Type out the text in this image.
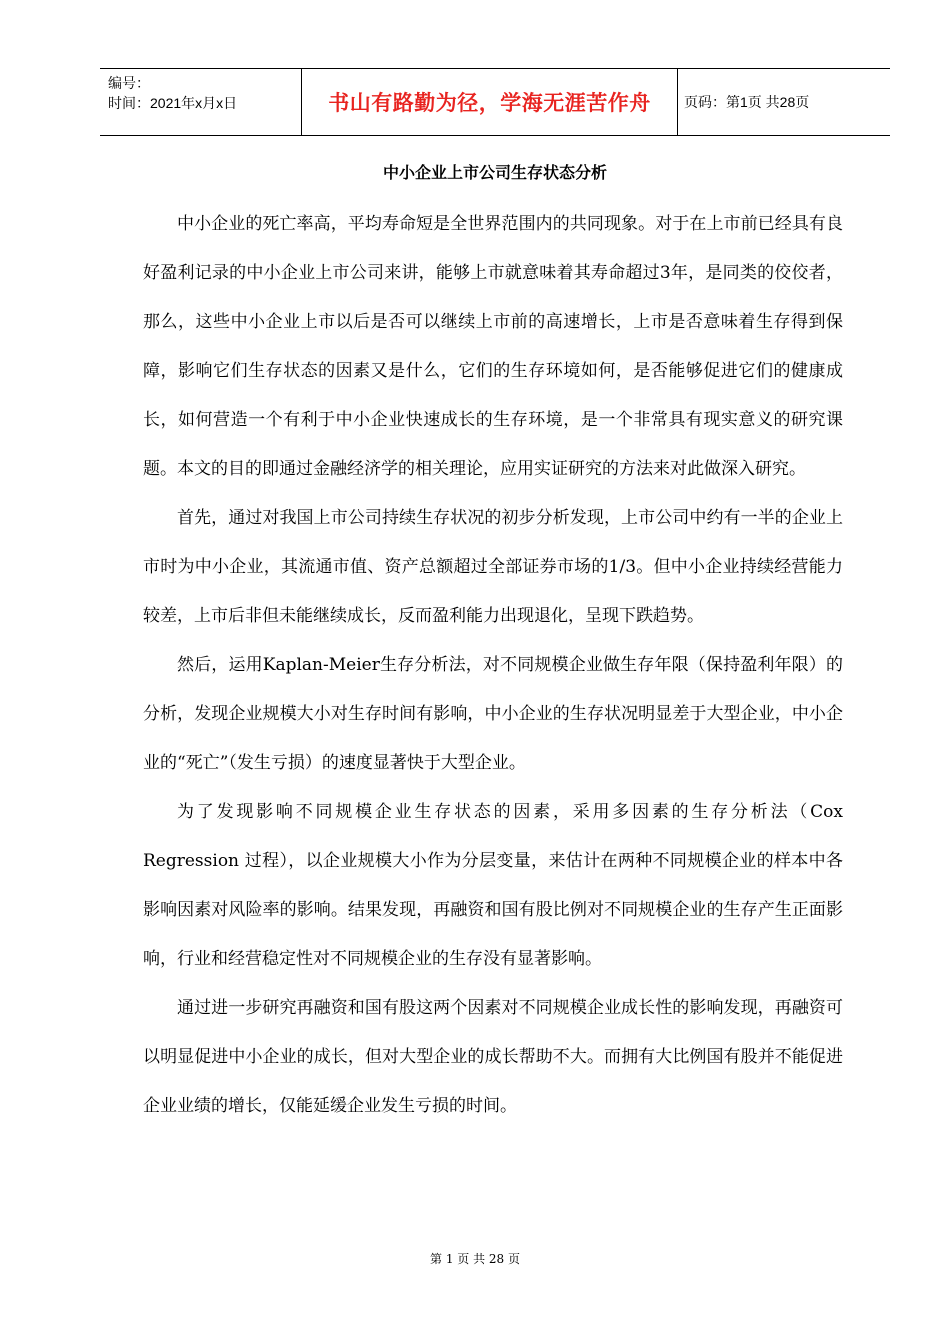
编号：
时间：2021年x月x日	书山有路勤为径，学海无涯苦作舟	页码：第1页 共28页
中小企业上市公司生存状态分析

中小企业的死亡率高，平均寿命短是全世界范围内的共同现象。对于在上市前已经具有良好盈利记录的中小企业上市公司来讲，能够上市就意味着其寿命超过3年，是同类的佼佼者，那么，这些中小企业上市以后是否可以继续上市前的高速增长，上市是否意味着生存得到保障，影响它们生存状态的因素又是什么，它们的生存环境如何，是否能够促进它们的健康成长，如何营造一个有利于中小企业快速成长的生存环境，是一个非常具有现实意义的研究课题。本文的目的即通过金融经济学的相关理论，应用实证研究的方法来对此做深入研究。

首先，通过对我国上市公司持续生存状况的初步分析发现，上市公司中约有一半的企业上市时为中小企业，其流通市值、资产总额超过全部证券市场的1/3。但中小企业持续经营能力较差，上市后非但未能继续成长，反而盈利能力出现退化，呈现下跌趋势。

然后，运用Kaplan-Meier生存分析法，对不同规模企业做生存年限（保持盈利年限）的分析，发现企业规模大小对生存时间有影响，中小企业的生存状况明显差于大型企业，中小企业的“死亡”（发生亏损）的速度显著快于大型企业。

为了发现影响不同规模企业生存状态的因素，采用多因素的生存分析法（Cox Regression 过程），以企业规模大小作为分层变量，来估计在两种不同规模企业的样本中各影响因素对风险率的影响。结果发现，再融资和国有股比例对不同规模企业的生存产生正面影响，行业和经营稳定性对不同规模企业的生存没有显著影响。

通过进一步研究再融资和国有股这两个因素对不同规模企业成长性的影响发现，再融资可以明显促进中小企业的成长，但对大型企业的成长帮助不大。而拥有大比例国有股并不能促进企业业绩的增长，仅能延缓企业发生亏损的时间。

第 1 页 共 28 页
